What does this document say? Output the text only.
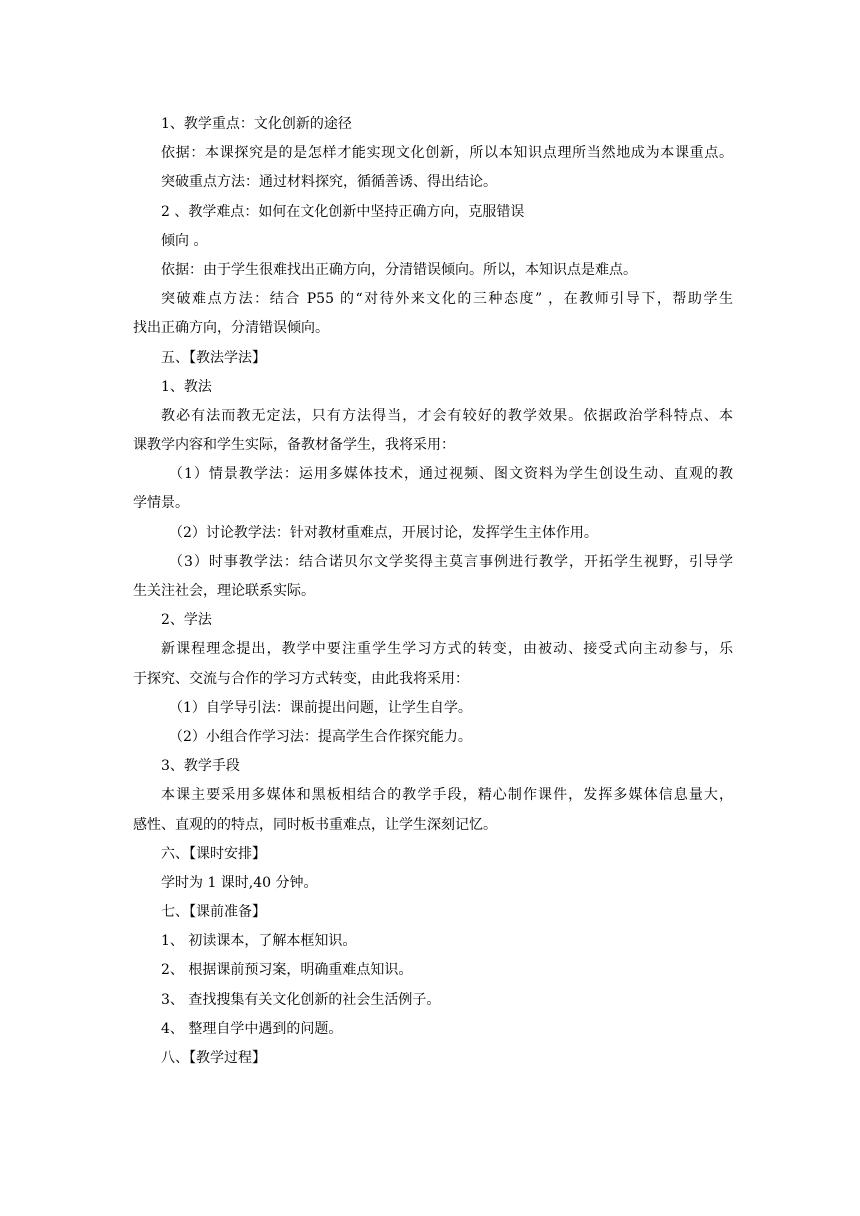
1、教学重点：文化创新的途径
依据：本课探究是的是怎样才能实现文化创新，所以本知识点理所当然地成为本课重点。
突破重点方法：通过材料探究，循循善诱、得出结论。
2 、教学难点：如何在文化创新中坚持正确方向，克服错误
倾向 。
依据：由于学生很难找出正确方向，分清错误倾向。所以，本知识点是难点。
突破难点方法：结合 P55 的“对待外来文化的三种态度” ，在教师引导下，帮助学生
找出正确方向，分清错误倾向。
五、【教法学法】
1、教法
教必有法而教无定法，只有方法得当，才会有较好的教学效果。依据政治学科特点、本
课教学内容和学生实际，备教材备学生，我将采用：
（1）情景教学法：运用多媒体技术，通过视频、图文资料为学生创设生动、直观的教
学情景。
（2）讨论教学法：针对教材重难点，开展讨论，发挥学生主体作用。
（3）时事教学法：结合诺贝尔文学奖得主莫言事例进行教学，开拓学生视野，引导学
生关注社会，理论联系实际。
2、学法
新课程理念提出，教学中要注重学生学习方式的转变，由被动、接受式向主动参与，乐
于探究、交流与合作的学习方式转变，由此我将采用：
（1）自学导引法：课前提出问题，让学生自学。
（2）小组合作学习法：提高学生合作探究能力。
3、教学手段
本课主要采用多媒体和黑板相结合的教学手段，精心制作课件，发挥多媒体信息量大，
感性、直观的的特点，同时板书重难点，让学生深刻记忆。
六、【课时安排】
学时为 1 课时,40 分钟。
七、【课前准备】
1、 初读课本，了解本框知识。
2、 根据课前预习案，明确重难点知识。
3、 查找搜集有关文化创新的社会生活例子。
4、 整理自学中遇到的问题。
八、【教学过程】
